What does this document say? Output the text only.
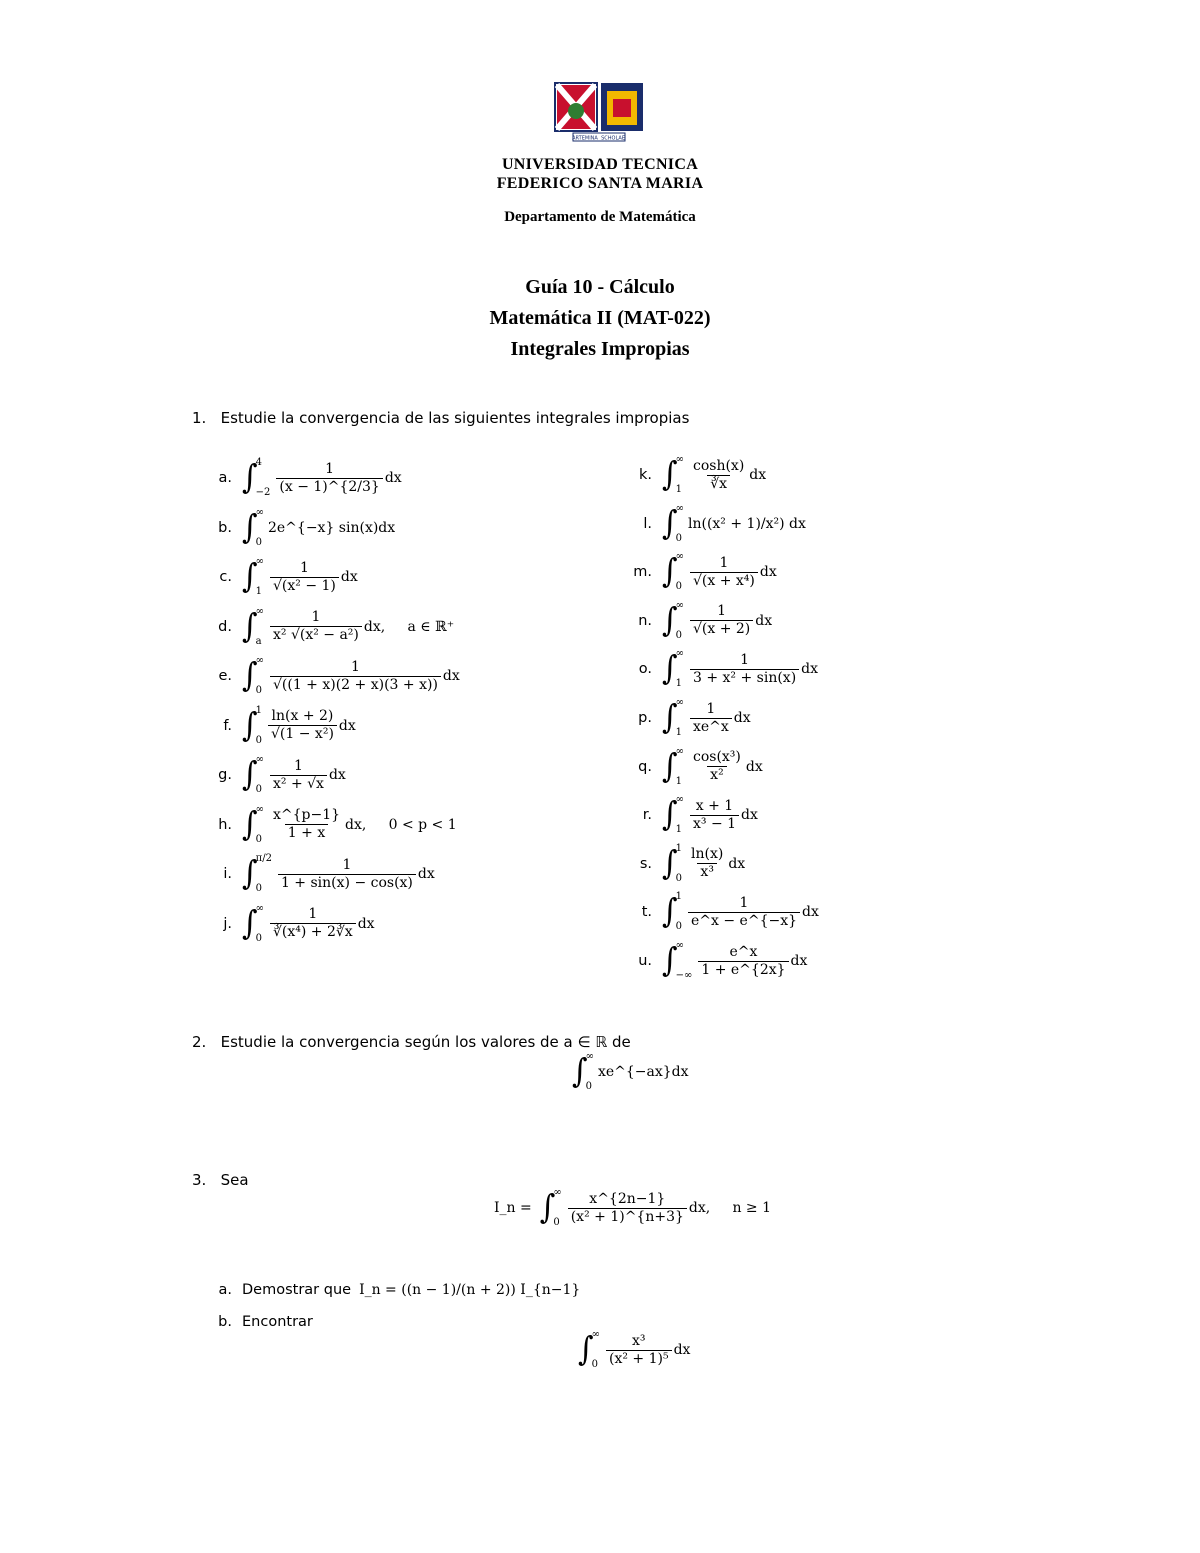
ARTEMINA SCHOLAE
UNIVERSIDAD TECNICA
FEDERICO SANTA MARIA
Departamento de Matemática
Guía 10 - Cálculo
Matemática II (MAT-022)
Integrales Impropias
1. Estudie la convergencia de las siguientes integrales impropias
a. ∫
4
$-2 \frac{1}{(x - 1)\^{}\{2/3\}}$ dx
b. ∫
∞
0
2e^{−x} sin(x)dx
c. ∫
∞
$1 \frac{1}{\text{√(x² − 1)}}$ dx
d. ∫
∞
a $\frac{1}{\text{x² √(x² − a²)}}$ dx,     a ∈ ℝ⁺
e. ∫
∞
$0 \frac{1}{√((1 + x)(2 + x)(3 + x))}$ dx
f. ∫
1
$0 \frac{\ln(x + 2)}{\text{√(1 − x²)}}$ dx
g. ∫
∞
$0 \frac{1}{\text{x² + √x}}$ dx
h. ∫
∞
$0 \frac{x\^{}\{p-1\}}{1 + x}$ dx,     0 < p < 1
i. ∫
π/2
0	$\frac{1}{1 + \sin(x) - \cos(x)}$ dx
j. ∫
∞
$0 \frac{1}{\text{∛(x⁴) + 2∛x}}$ dx
k. ∫
∞
$1 \frac{\cosh(x)}{∛x}$ dx
l. ∫
∞
0
ln((x² + 1)/x²) dx
m. ∫
∞
$0 \frac{1}{\text{√(x + x⁴)}}$ dx
n. ∫
∞
$0 \frac{1}{√(x + 2)}$ dx
o. ∫
∞
$1 \frac{1}{\text{3 + x² + sin(x)}}$ dx
p. ∫
∞
$1 \frac{1}{xe\^{}x}$ dx
q. ∫
∞
$1 \frac{\text{cos(x³)}}{\text{x²}}$ dx
r. ∫
∞
$1 \frac{x + 1}{\text{x³ − 1}}$ dx
s. ∫
1
$0 \frac{\ln(x)}{\text{x³}}$ dx
t. ∫
1
$0 \frac{1}{e\^{}x - e\^{}\{-x\}}$ dx
u. ∫
∞
−∞ $\frac{e\^{}x}{1 + e\^{}\{2x\}}$ dx
2. Estudie la convergencia según los valores de a ∈ ℝ de
∫
∞
0
xe^{−ax}dx
3. Sea
I_n = ∫
∞
$0 \frac{x\^{}\{2n-1\}}{\text{(x² + 1)\textasciicircum{}\{n+3\}}}$ dx,     n ≥ 1
a. Demostrar que I_n = ((n − 1)/(n + 2)) I_{n−1}
b. Encontrar
∫
∞
$0 \frac{\text{x³}}{\text{(x² + 1)⁵}}$ dx
